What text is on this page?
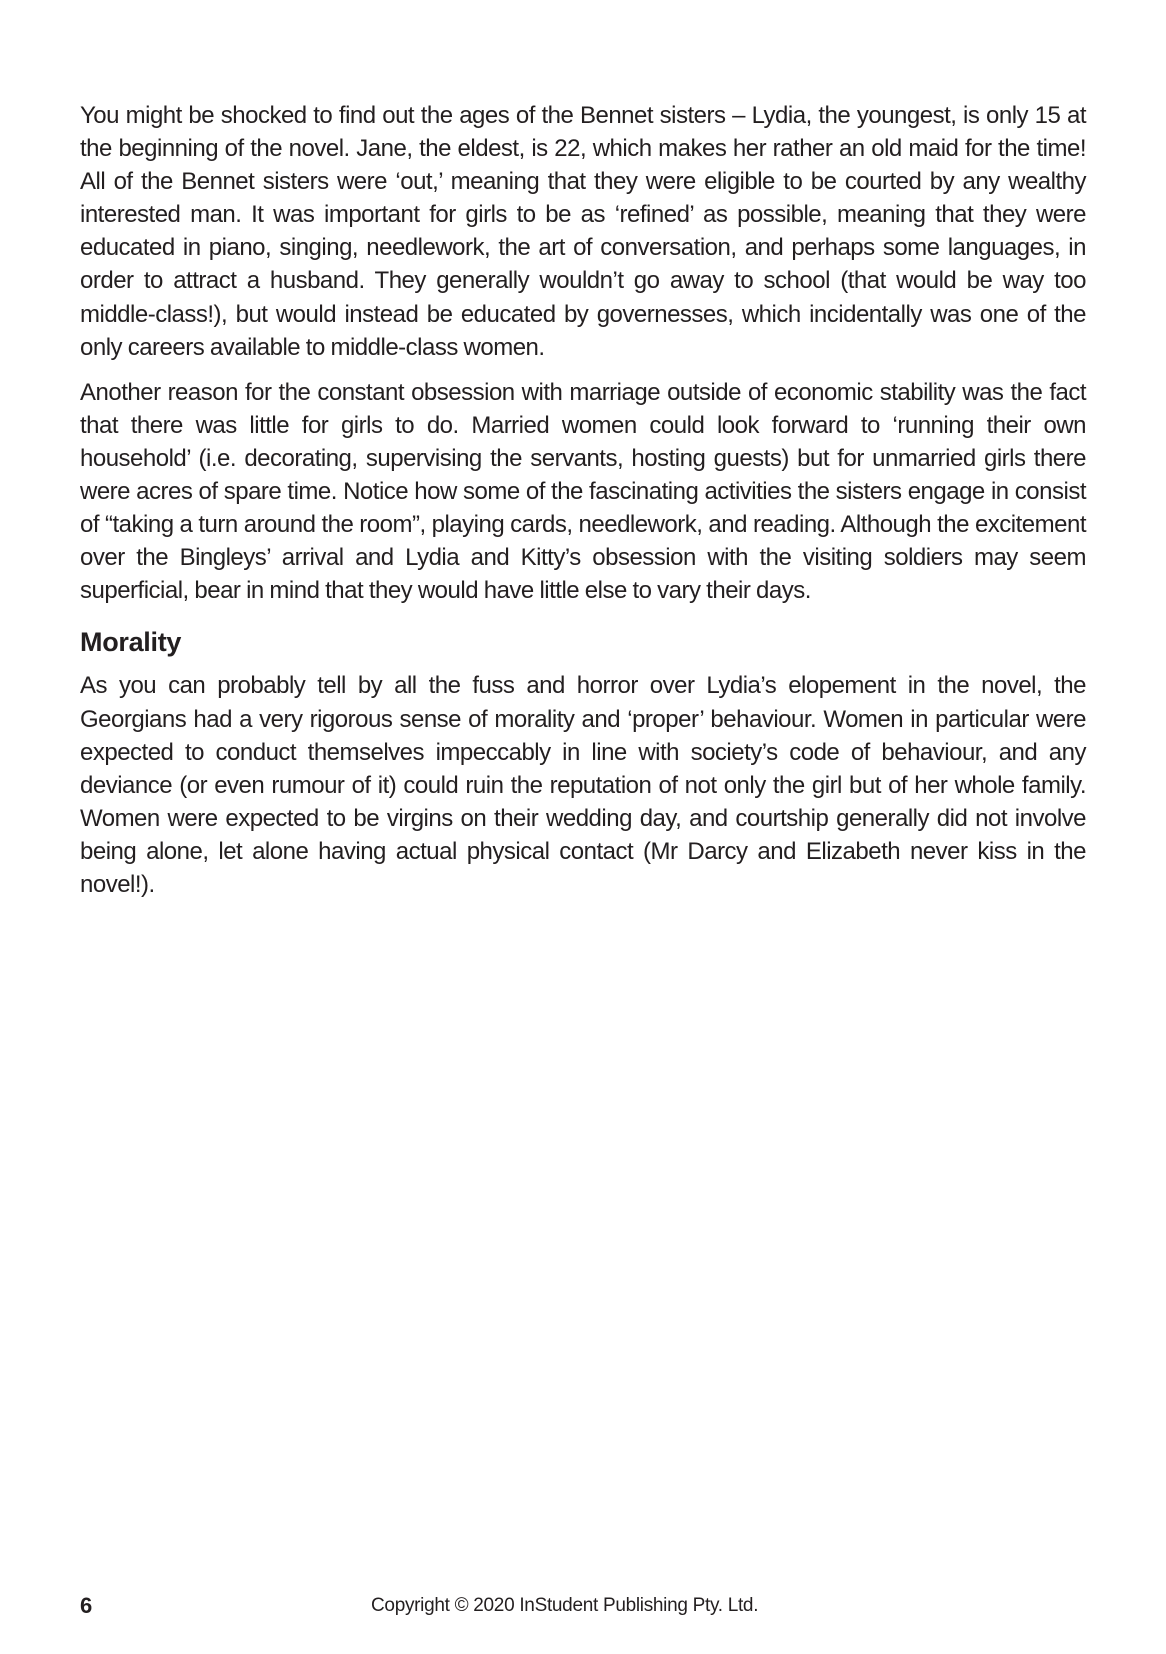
You might be shocked to find out the ages of the Bennet sisters – Lydia, the youngest, is only 15 at the beginning of the novel. Jane, the eldest, is 22, which makes her rather an old maid for the time! All of the Bennet sisters were ‘out,’ meaning that they were eligible to be courted by any wealthy interested man. It was important for girls to be as ‘refined’ as possible, meaning that they were educated in piano, singing, needlework, the art of conversation, and perhaps some languages, in order to attract a husband. They generally wouldn’t go away to school (that would be way too middle-class!), but would instead be educated by governesses, which incidentally was one of the only careers available to middle-class women.

Another reason for the constant obsession with marriage outside of economic stability was the fact that there was little for girls to do. Married women could look forward to ‘running their own household’ (i.e. decorating, supervising the servants, hosting guests) but for unmarried girls there were acres of spare time. Notice how some of the fascinating activities the sisters engage in consist of “taking a turn around the room”, playing cards, needlework, and reading. Although the excitement over the Bingleys’ arrival and Lydia and Kitty’s obsession with the visiting soldiers may seem superficial, bear in mind that they would have little else to vary their days.

Morality

As you can probably tell by all the fuss and horror over Lydia’s elopement in the novel, the Georgians had a very rigorous sense of morality and ‘proper’ behaviour. Women in particular were expected to conduct themselves impeccably in line with society’s code of behaviour, and any deviance (or even rumour of it) could ruin the reputation of not only the girl but of her whole family. Women were expected to be virgins on their wedding day, and courtship generally did not involve being alone, let alone having actual physical contact (Mr Darcy and Elizabeth never kiss in the novel!).

6	Copyright © 2020 InStudent Publishing Pty. Ltd.
